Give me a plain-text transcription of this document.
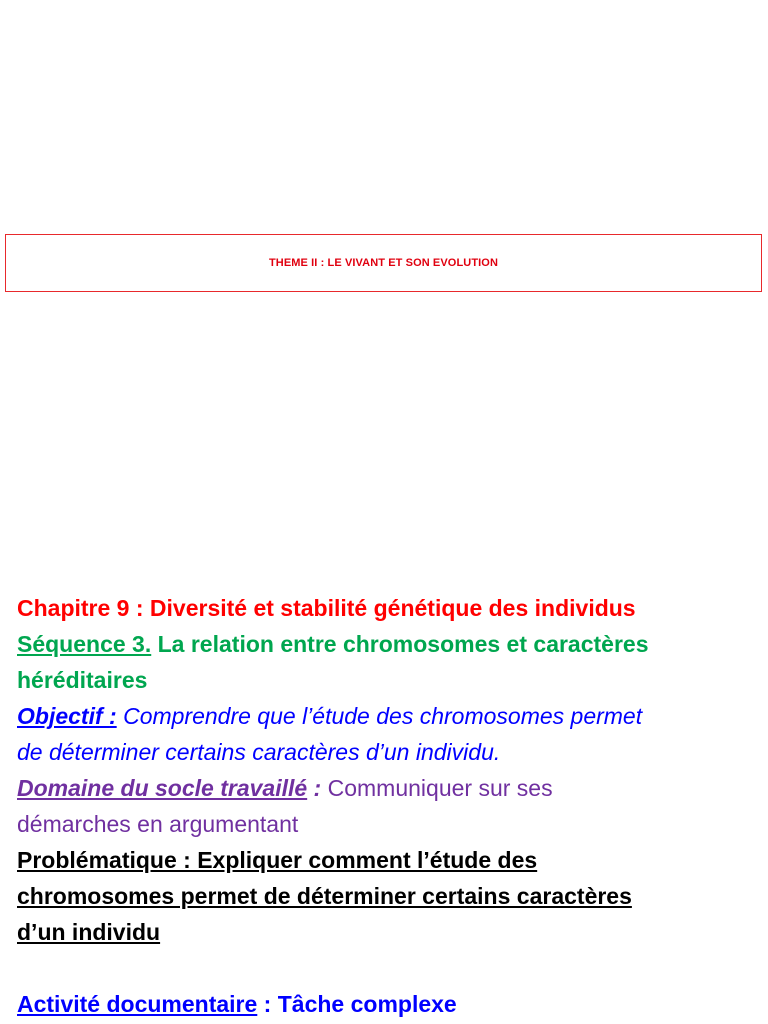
THEME II : LE VIVANT ET SON EVOLUTION

Chapitre 9 : Diversité et stabilité génétique des individus

Séquence 3. La relation entre chromosomes et caractères

héréditaires

Objectif : Comprendre que l’étude des chromosomes permet

de déterminer certains caractères d’un individu.

Domaine du socle travaillé : Communiquer sur ses

démarches en argumentant

Problématique : Expliquer comment l’étude des

chromosomes permet de déterminer certains caractères

d’un individu

Activité documentaire : Tâche complexe
